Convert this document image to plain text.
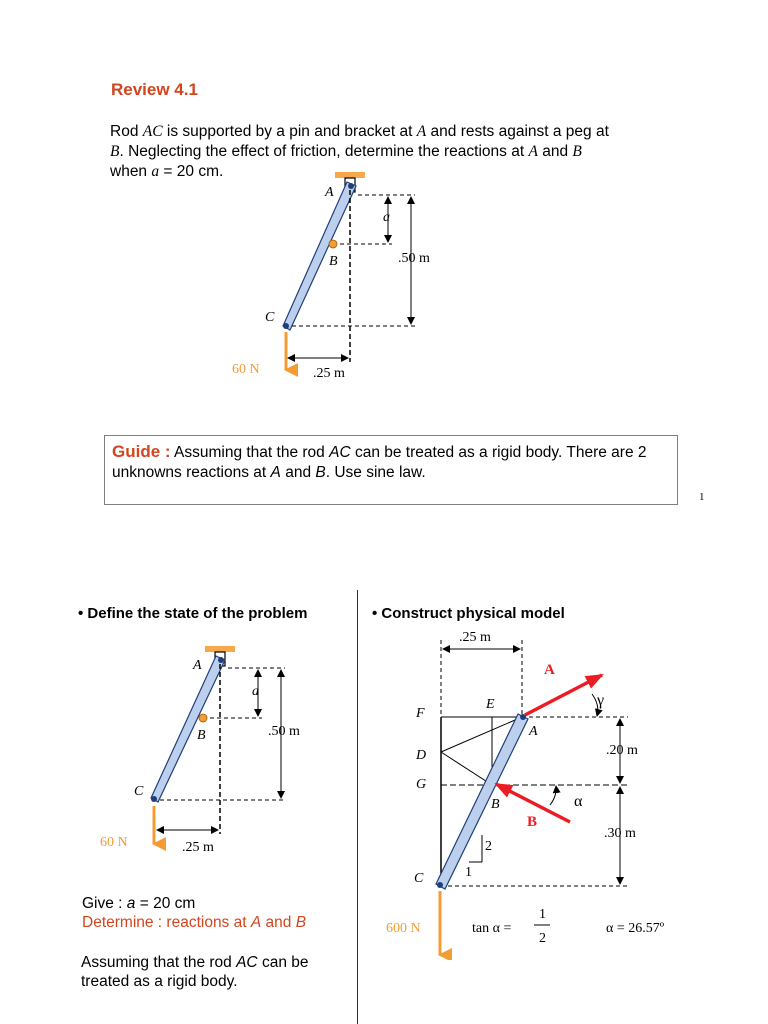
Review 4.1
Rod AC is supported by a pin and bracket at A and rests against a peg at
B. Neglecting the effect of friction, determine the reactions at A and B
when a = 20 cm.
A
B
C
a
.50 m
.25 m
60 N
Guide : Assuming that the rod AC can be treated as a rigid body. There are 2 unknowns reactions at A and B. Use sine law.
1
• Define the state of the problem	• Construct physical model
A
B
C
a
.50 m
.25 m
60 N
Give : a = 20 cm
Determine : reactions at A and B
Assuming that the rod AC can be treated as a rigid body.
.25 m
A
B
γ
α
F
E
A
D
G
B
C
.20 m
.30 m
2
1
600 N	tan α =
1
2
α = 26.57º
